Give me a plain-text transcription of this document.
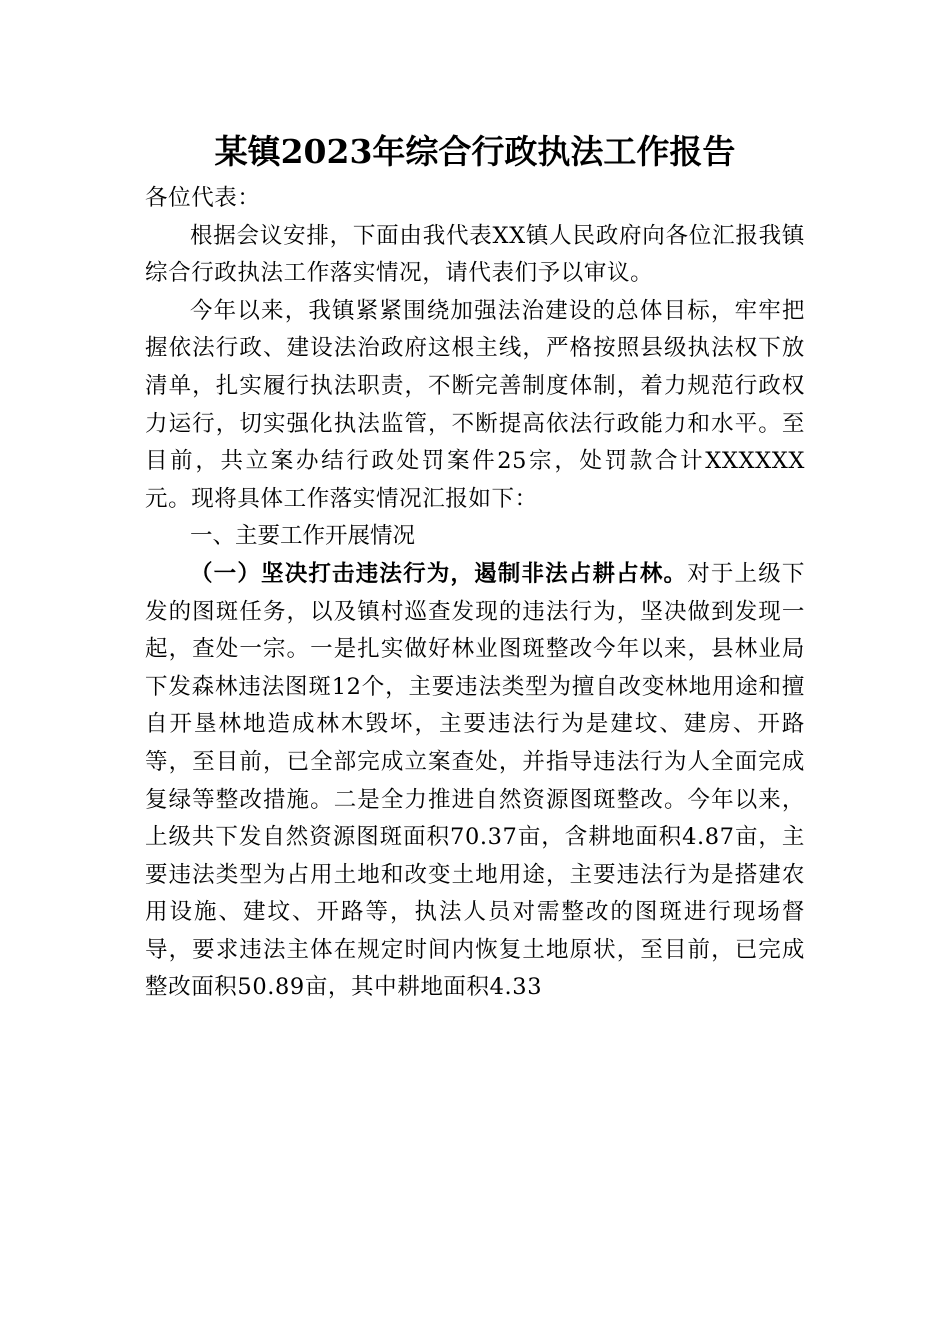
某镇2023年综合行政执法工作报告

各位代表：

根据会议安排，下面由我代表XX镇人民政府向各位汇报我镇综合行政执法工作落实情况，请代表们予以审议。

今年以来，我镇紧紧围绕加强法治建设的总体目标，牢牢把握依法行政、建设法治政府这根主线，严格按照县级执法权下放清单，扎实履行执法职责，不断完善制度体制，着力规范行政权力运行，切实强化执法监管，不断提高依法行政能力和水平。至目前，共立案办结行政处罚案件25宗，处罚款合计XXXXXX元。现将具体工作落实情况汇报如下：

一、主要工作开展情况

（一）坚决打击违法行为，遏制非法占耕占林。对于上级下发的图斑任务，以及镇村巡查发现的违法行为，坚决做到发现一起，查处一宗。一是扎实做好林业图斑整改今年以来，县林业局下发森林违法图斑12个，主要违法类型为擅自改变林地用途和擅自开垦林地造成林木毁坏，主要违法行为是建坟、建房、开路等，至目前，已全部完成立案查处，并指导违法行为人全面完成复绿等整改措施。二是全力推进自然资源图斑整改。今年以来，上级共下发自然资源图斑面积70.37亩，含耕地面积4.87亩，主要违法类型为占用土地和改变土地用途，主要违法行为是搭建农用设施、建坟、开路等，执法人员对需整改的图斑进行现场督导，要求违法主体在规定时间内恢复土地原状，至目前，已完成整改面积50.89亩，其中耕地面积4.33
